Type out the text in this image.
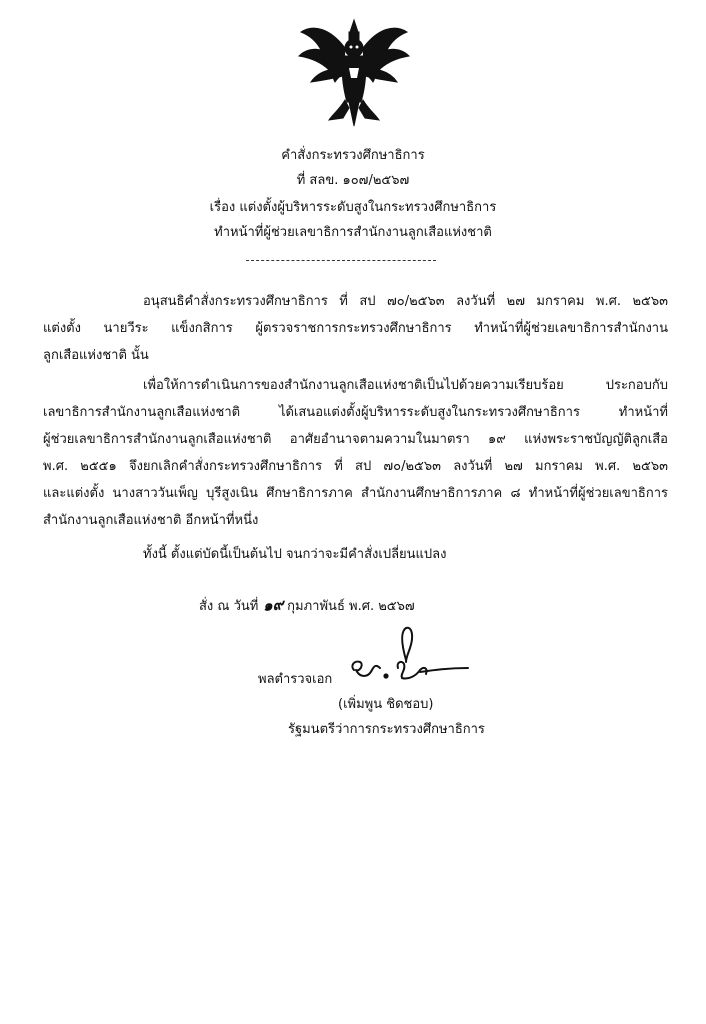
คำสั่งกระทรวงศึกษาธิการ
ที่ สลข. ๑๐๗/๒๕๖๗
เรื่อง แต่งตั้งผู้บริหารระดับสูงในกระทรวงศึกษาธิการ
ทำหน้าที่ผู้ช่วยเลขาธิการสำนักงานลูกเสือแห่งชาติ
อนุสนธิคำสั่งกระทรวงศึกษาธิการ ที่ สป ๗๐/๒๕๖๓ ลงวันที่ ๒๗ มกราคม พ.ศ. ๒๕๖๓
แต่งตั้ง นายวีระ แข็งกสิการ ผู้ตรวจราชการกระทรวงศึกษาธิการ ทำหน้าที่ผู้ช่วยเลขาธิการสำนักงาน
ลูกเสือแห่งชาติ นั้น
เพื่อให้การดำเนินการของสำนักงานลูกเสือแห่งชาติเป็นไปด้วยความเรียบร้อย ประกอบกับ
เลขาธิการสำนักงานลูกเสือแห่งชาติ ได้เสนอแต่งตั้งผู้บริหารระดับสูงในกระทรวงศึกษาธิการ ทำหน้าที่
ผู้ช่วยเลขาธิการสำนักงานลูกเสือแห่งชาติ อาศัยอำนาจตามความในมาตรา ๑๙ แห่งพระราชบัญญัติลูกเสือ
พ.ศ. ๒๕๕๑ จึงยกเลิกคำสั่งกระทรวงศึกษาธิการ ที่ สป ๗๐/๒๕๖๓ ลงวันที่ ๒๗ มกราคม พ.ศ. ๒๕๖๓
และแต่งตั้ง นางสาววันเพ็ญ บุรีสูงเนิน ศึกษาธิการภาค สำนักงานศึกษาธิการภาค ๘ ทำหน้าที่ผู้ช่วยเลขาธิการ
สำนักงานลูกเสือแห่งชาติ อีกหน้าที่หนึ่ง
ทั้งนี้ ตั้งแต่บัดนี้เป็นต้นไป จนกว่าจะมีคำสั่งเปลี่ยนแปลง
สั่ง ณ วันที่ ๑๙ กุมภาพันธ์ พ.ศ. ๒๕๖๗
พลตำรวจเอก
(เพิ่มพูน ชิดชอบ)
รัฐมนตรีว่าการกระทรวงศึกษาธิการ
